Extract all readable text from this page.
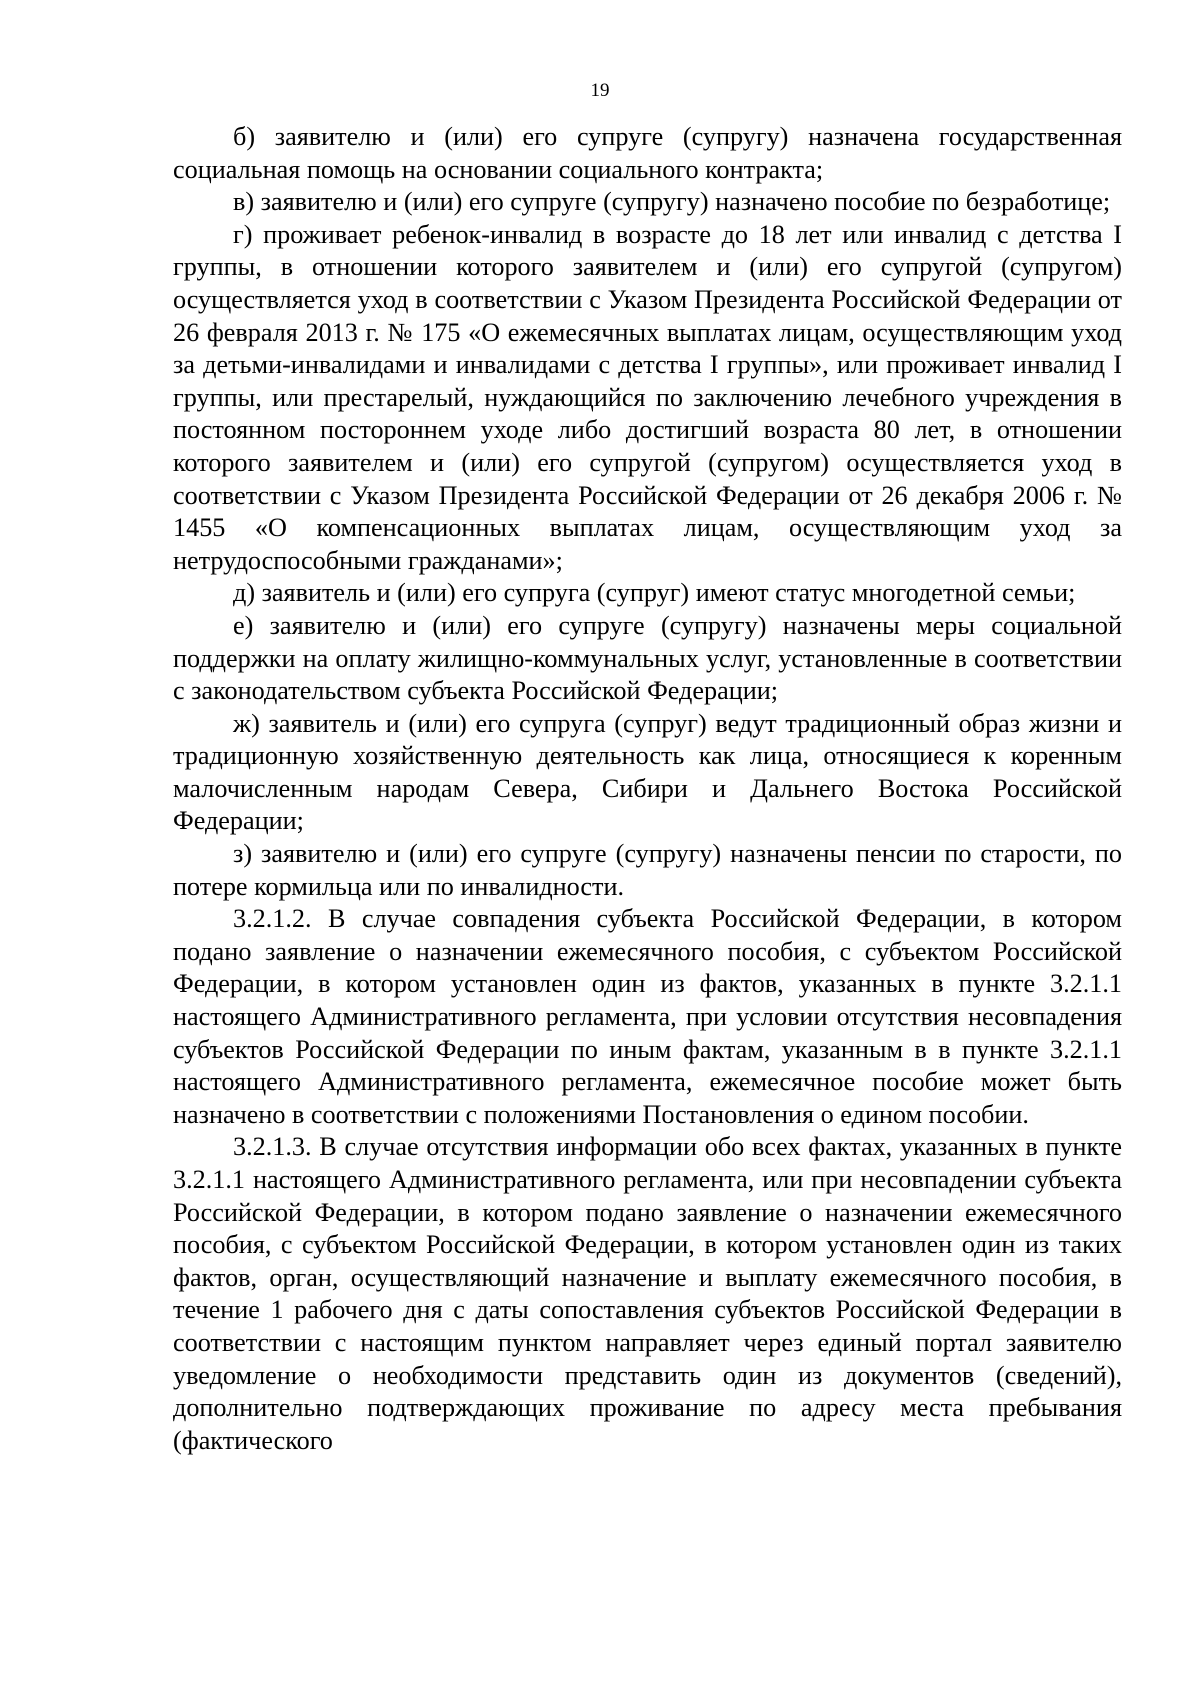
19

б) заявителю и (или) его супруге (супругу) назначена государственная социальная помощь на основании социального контракта;

в) заявителю и (или) его супруге (супругу) назначено пособие по безработице;

г) проживает ребенок-инвалид в возрасте до 18 лет или инвалид с детства I группы, в отношении которого заявителем и (или) его супругой (супругом) осуществляется уход в соответствии с Указом Президента Российской Федерации от 26 февраля 2013 г. № 175 «О ежемесячных выплатах лицам, осуществляющим уход за детьми-инвалидами и инвалидами с детства I группы», или проживает инвалид I группы, или престарелый, нуждающийся по заключению лечебного учреждения в постоянном постороннем уходе либо достигший возраста 80 лет, в отношении которого заявителем и (или) его супругой (супругом) осуществляется уход в соответствии с Указом Президента Российской Федерации от 26 декабря 2006 г. № 1455 «О компенсационных выплатах лицам, осуществляющим уход за нетрудоспособными гражданами»;

д) заявитель и (или) его супруга (супруг) имеют статус многодетной семьи;

е) заявителю и (или) его супруге (супругу) назначены меры социальной поддержки на оплату жилищно-коммунальных услуг, установленные в соответствии с законодательством субъекта Российской Федерации;

ж) заявитель и (или) его супруга (супруг) ведут традиционный образ жизни и традиционную хозяйственную деятельность как лица, относящиеся к коренным малочисленным народам Севера, Сибири и Дальнего Востока Российской Федерации;

з) заявителю и (или) его супруге (супругу) назначены пенсии по старости, по потере кормильца или по инвалидности.

3.2.1.2. В случае совпадения субъекта Российской Федерации, в котором подано заявление о назначении ежемесячного пособия, с субъектом Российской Федерации, в котором установлен один из фактов, указанных в пункте 3.2.1.1 настоящего Административного регламента, при условии отсутствия несовпадения субъектов Российской Федерации по иным фактам, указанным в в пункте 3.2.1.1 настоящего Административного регламента, ежемесячное пособие может быть назначено в соответствии с положениями Постановления о едином пособии.

3.2.1.3. В случае отсутствия информации обо всех фактах, указанных в пункте 3.2.1.1 настоящего Административного регламента, или при несовпадении субъекта Российской Федерации, в котором подано заявление о назначении ежемесячного пособия, с субъектом Российской Федерации, в котором установлен один из таких фактов, орган, осуществляющий назначение и выплату ежемесячного пособия, в течение 1 рабочего дня с даты сопоставления субъектов Российской Федерации в соответствии с настоящим пунктом направляет через единый портал заявителю уведомление о необходимости представить один из документов (сведений), дополнительно подтверждающих проживание по адресу места пребывания (фактического
